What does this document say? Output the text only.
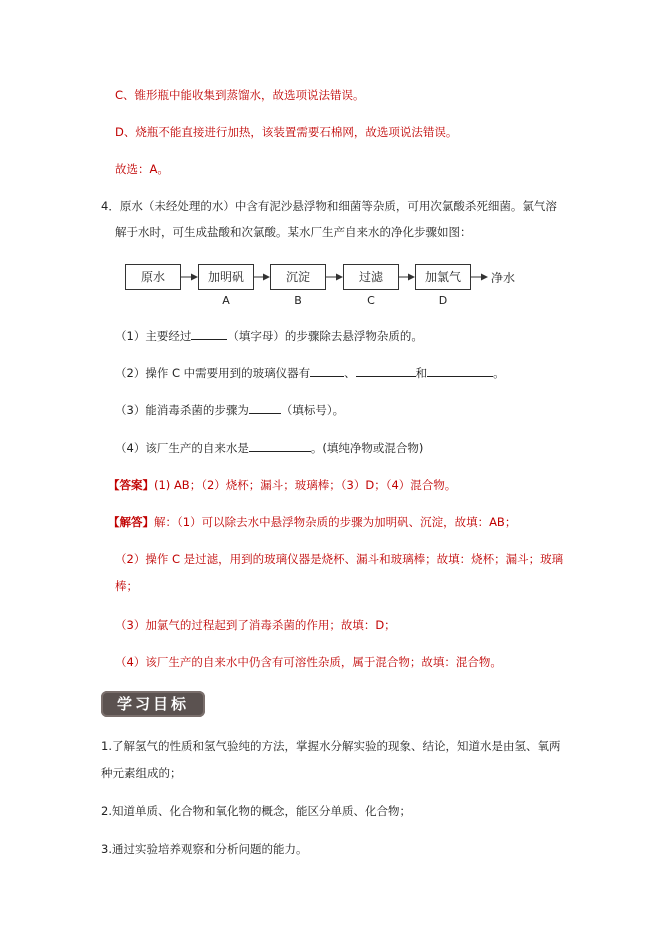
C、锥形瓶中能收集到蒸馏水，故选项说法错误。
D、烧瓶不能直接进行加热，该装置需要石棉网，故选项说法错误。
故选：A。
4．原水（未经处理的水）中含有泥沙悬浮物和细菌等杂质，可用次氯酸杀死细菌。氯气溶
解于水时，可生成盐酸和次氯酸。某水厂生产自来水的净化步骤如图：
原水	加明矾	沉淀	过滤	加氯气	净水
A	B	C	D
（1）主要经过	（填字母）的步骤除去悬浮物杂质的。
（2）操作 C 中需要用到的玻璃仪器有	、	和	。
（3）能消毒杀菌的步骤为	（填标号）。
（4）该厂生产的自来水是	。(填纯净物或混合物)
【答案】(1) AB；（2）烧杯；漏斗；玻璃棒；（3）D；（4）混合物。
【解答】解：（1）可以除去水中悬浮物杂质的步骤为加明矾、沉淀，故填：AB；
（2）操作 C 是过滤，用到的玻璃仪器是烧杯、漏斗和玻璃棒；故填：烧杯；漏斗；玻璃
棒；
（3）加氯气的过程起到了消毒杀菌的作用；故填：D；
（4）该厂生产的自来水中仍含有可溶性杂质，属于混合物；故填：混合物。
学习目标
1.了解氢气的性质和氢气验纯的方法，掌握水分解实验的现象、结论，知道水是由氢、氧两
种元素组成的；
2.知道单质、化合物和氧化物的概念，能区分单质、化合物；
3.通过实验培养观察和分析问题的能力。
